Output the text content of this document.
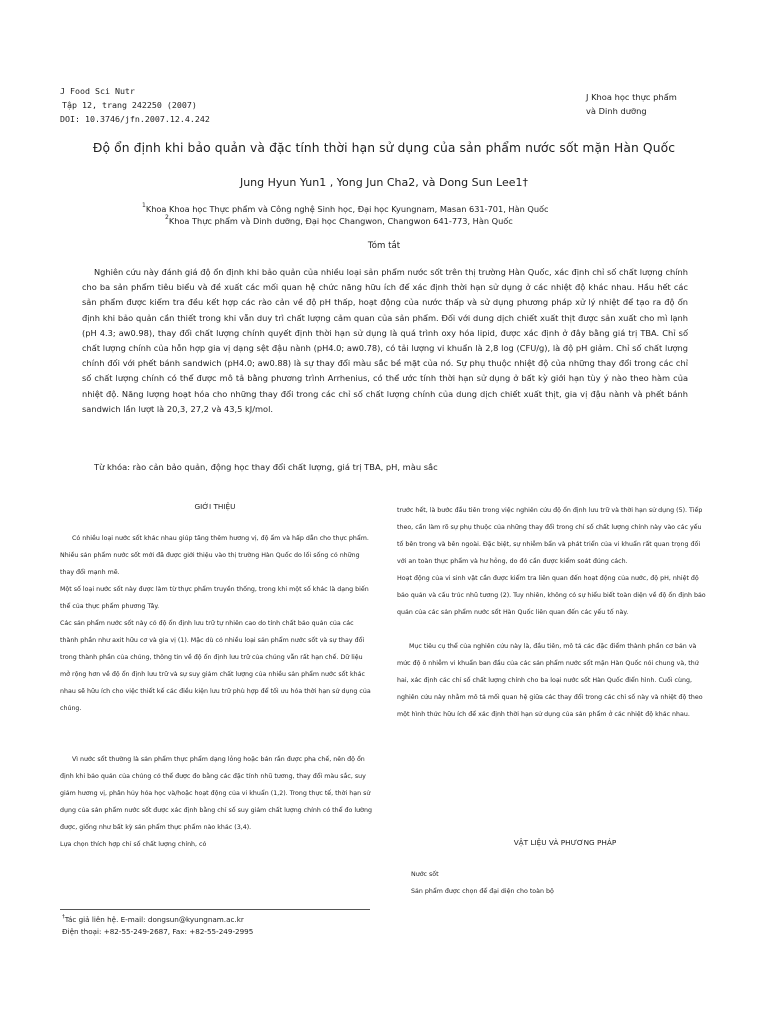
J Food Sci Nutr
Tập 12, trang 242250 (2007)
DOI: 10.3746/jfn.2007.12.4.242
J Khoa học thực phẩm
và Dinh dưỡng
Độ ổn định khi bảo quản và đặc tính thời hạn sử dụng của sản phẩm nước sốt mặn Hàn Quốc
Jung Hyun Yun1 , Yong Jun Cha2, và Dong Sun Lee1†
$^1$Khoa Khoa học Thực phẩm và Công nghệ Sinh học, Đại học Kyungnam, Masan 631-701, Hàn Quốc
$^2$Khoa Thực phẩm và Dinh dưỡng, Đại học Changwon, Changwon 641-773, Hàn Quốc
Tóm tắt
Nghiên cứu này đánh giá độ ổn định khi bảo quản của nhiều loại sản phẩm nước sốt trên thị trường Hàn Quốc, xác định chỉ số chất lượng chính cho ba sản phẩm tiêu biểu và đề xuất các mối quan hệ chức năng hữu ích để xác định thời hạn sử dụng ở các nhiệt độ khác nhau. Hầu hết các sản phẩm được kiểm tra đều kết hợp các rào cản về độ pH thấp, hoạt động của nước thấp và sử dụng phương pháp xử lý nhiệt để tạo ra độ ổn định khi bảo quản cần thiết trong khi vẫn duy trì chất lượng cảm quan của sản phẩm. Đối với dung dịch chiết xuất thịt được sản xuất cho mì lạnh (pH 4.3; aw0.98), thay đổi chất lượng chính quyết định thời hạn sử dụng là quá trình oxy hóa lipid, được xác định ở đây bằng giá trị TBA. Chỉ số chất lượng chính của hỗn hợp gia vị dạng sệt đậu nành (pH4.0; aw0.78), có tải lượng vi khuẩn là 2,8 log (CFU/g), là độ pH giảm. Chỉ số chất lượng chính đối với phết bánh sandwich (pH4.0; aw0.88) là sự thay đổi màu sắc bề mặt của nó. Sự phụ thuộc nhiệt độ của những thay đổi trong các chỉ số chất lượng chính có thể được mô tả bằng phương trình Arrhenius, có thể ước tính thời hạn sử dụng ở bất kỳ giới hạn tùy ý nào theo hàm của nhiệt độ. Năng lượng hoạt hóa cho những thay đổi trong các chỉ số chất lượng chính của dung dịch chiết xuất thịt, gia vị đậu nành và phết bánh sandwich lần lượt là 20,3, 27,2 và 43,5 kJ/mol.
Từ khóa: rào cản bảo quản, động học thay đổi chất lượng, giá trị TBA, pH, màu sắc
GIỚI THIỆU

Có nhiều loại nước sốt khác nhau giúp tăng thêm hương vị, độ ẩm và hấp dẫn cho thực phẩm.

Nhiều sản phẩm nước sốt mới đã được giới thiệu vào thị trường Hàn Quốc do lối sống có những thay đổi mạnh mẽ.

Một số loại nước sốt này được làm từ thực phẩm truyền thống, trong khi một số khác là dạng biến thể của thực phẩm phương Tây.

Các sản phẩm nước sốt này có độ ổn định lưu trữ tự nhiên cao do tính chất bảo quản của các thành phần như axit hữu cơ và gia vị (1). Mặc dù có nhiều loại sản phẩm nước sốt và sự thay đổi trong thành phần của chúng, thông tin về độ ổn định lưu trữ của chúng vẫn rất hạn chế. Dữ liệu mở rộng hơn về độ ổn định lưu trữ và sự suy giảm chất lượng của nhiều sản phẩm nước sốt khác nhau sẽ hữu ích cho việc thiết kế các điều kiện lưu trữ phù hợp để tối ưu hóa thời hạn sử dụng của chúng.

Vì nước sốt thường là sản phẩm thực phẩm dạng lỏng hoặc bán rắn được pha chế, nên độ ổn định khi bảo quản của chúng có thể được đo bằng các đặc tính nhũ tương, thay đổi màu sắc, suy giảm hương vị, phân hủy hóa học và/hoặc hoạt động của vi khuẩn (1,2). Trong thực tế, thời hạn sử dụng của sản phẩm nước sốt được xác định bằng chỉ số suy giảm chất lượng chính có thể đo lường được, giống như bất kỳ sản phẩm thực phẩm nào khác (3,4).

Lựa chọn thích hợp chỉ số chất lượng chính, có

trước hết, là bước đầu tiên trong việc nghiên cứu độ ổn định lưu trữ và thời hạn sử dụng (5). Tiếp theo, cần làm rõ sự phụ thuộc của những thay đổi trong chỉ số chất lượng chính này vào các yếu tố bên trong và bên ngoài. Đặc biệt, sự nhiễm bẩn và phát triển của vi khuẩn rất quan trọng đối với an toàn thực phẩm và hư hỏng, do đó cần được kiểm soát đúng cách.

Hoạt động của vi sinh vật cần được kiểm tra liên quan đến hoạt động của nước, độ pH, nhiệt độ bảo quản và cấu trúc nhũ tương (2). Tuy nhiên, không có sự hiểu biết toàn diện về độ ổn định bảo quản của các sản phẩm nước sốt Hàn Quốc liên quan đến các yếu tố này.

Mục tiêu cụ thể của nghiên cứu này là, đầu tiên, mô tả các đặc điểm thành phần cơ bản và mức độ ô nhiễm vi khuẩn ban đầu của các sản phẩm nước sốt mặn Hàn Quốc nói chung và, thứ hai, xác định các chỉ số chất lượng chính cho ba loại nước sốt Hàn Quốc điển hình. Cuối cùng, nghiên cứu này nhằm mô tả mối quan hệ giữa các thay đổi trong các chỉ số này và nhiệt độ theo một hình thức hữu ích để xác định thời hạn sử dụng của sản phẩm ở các nhiệt độ khác nhau.

VẬT LIỆU VÀ PHƯƠNG PHÁP
Nước sốt
Sản phẩm được chọn để đại diện cho toàn bộ
†Tác giả liên hệ. E-mail: dongsun@kyungnam.ac.kr
Điện thoại: +82-55-249-2687, Fax: +82-55-249-2995
